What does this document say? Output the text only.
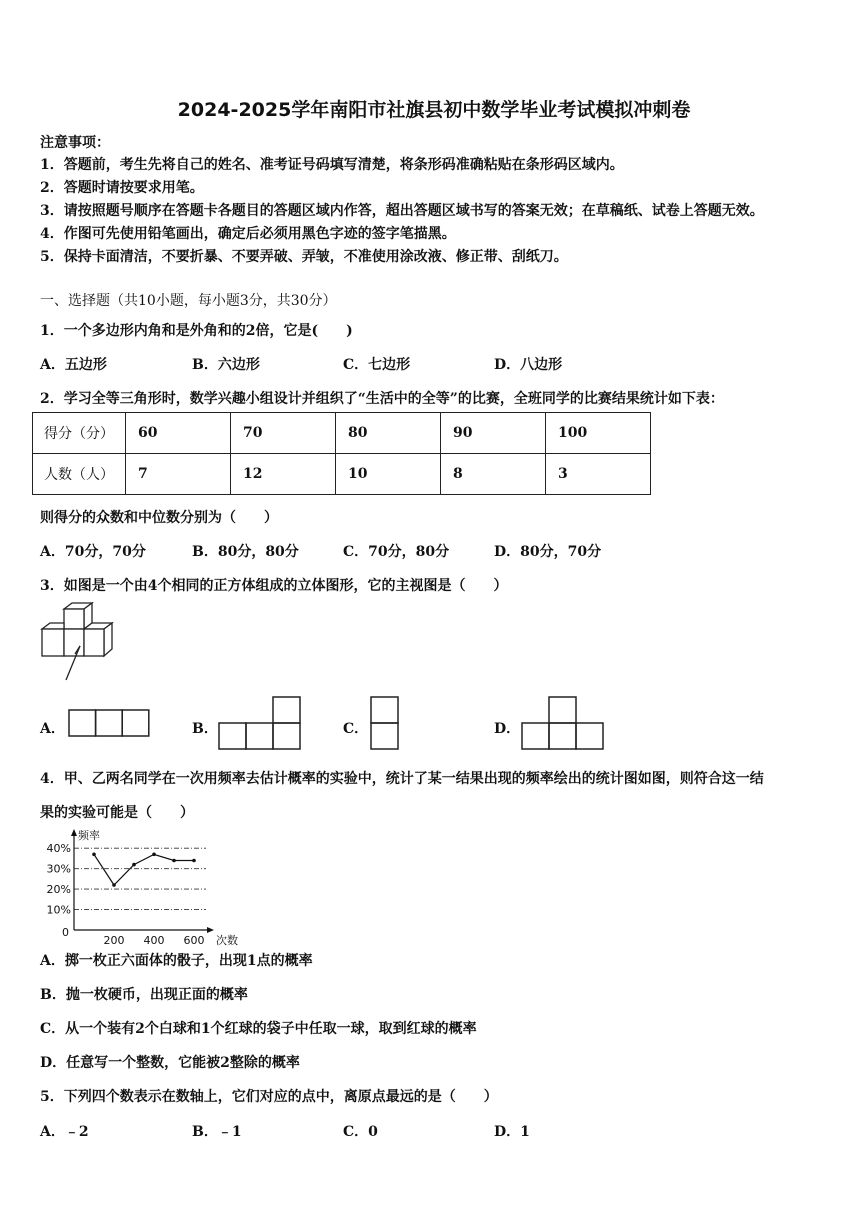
2024-2025学年南阳市社旗县初中数学毕业考试模拟冲刺卷
注意事项：
1．答题前，考生先将自己的姓名、准考证号码填写清楚，将条形码准确粘贴在条形码区域内。
2．答题时请按要求用笔。
3．请按照题号顺序在答题卡各题目的答题区域内作答，超出答题区域书写的答案无效；在草稿纸、试卷上答题无效。
4．作图可先使用铅笔画出，确定后必须用黑色字迹的签字笔描黑。
5．保持卡面清洁，不要折暴、不要弄破、弄皱，不准使用涂改液、修正带、刮纸刀。
一、选择题（共10小题，每小题3分，共30分）
1．一个多边形内角和是外角和的2倍，它是(　　)
A．五边形	B．六边形	C．七边形	D．八边形
2．学习全等三角形时，数学兴趣小组设计并组织了“生活中的全等”的比赛，全班同学的比赛结果统计如下表：
得分（分）	60	70	80	90	100
人数（人）	7	12	10	8	3
则得分的众数和中位数分别为（　　）
A．70分，70分	B．80分，80分	C．70分，80分	D．80分，70分
3．如图是一个由4个相同的正方体组成的立体图形，它的主视图是（　　）
A．	B．	C．	D．
4．甲、乙两名同学在一次用频率去估计概率的实验中，统计了某一结果出现的频率绘出的统计图如图，则符合这一结
果的实验可能是（　　）
40%
30%
20%
10%
频率
次数
0
200 400 600
A．掷一枚正六面体的骰子，出现1点的概率
B．抛一枚硬币，出现正面的概率
C．从一个装有2个白球和1个红球的袋子中任取一球，取到红球的概率
D．任意写一个整数，它能被2整除的概率
5．下列四个数表示在数轴上，它们对应的点中，离原点最远的是（　　）
A．﹣2	B．﹣1	C．0	D．1
